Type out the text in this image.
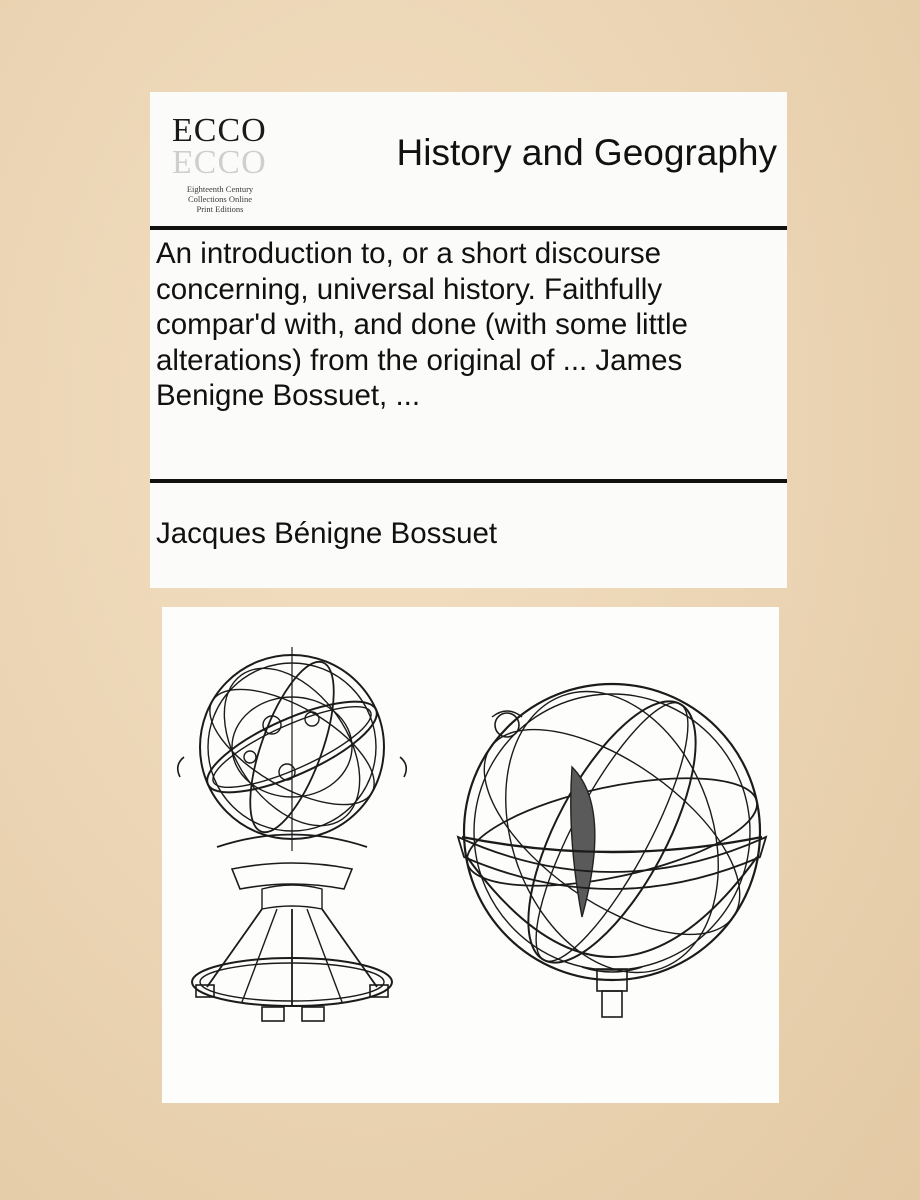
ECCO
ECCO
Eighteenth Century
Collections Online
Print Editions
History and Geography
An introduction to, or a short discourse concerning, universal history. Faithfully compar'd with, and done (with some little alterations) from the original of ... James Benigne Bossuet, ...
Jacques Bénigne Bossuet
